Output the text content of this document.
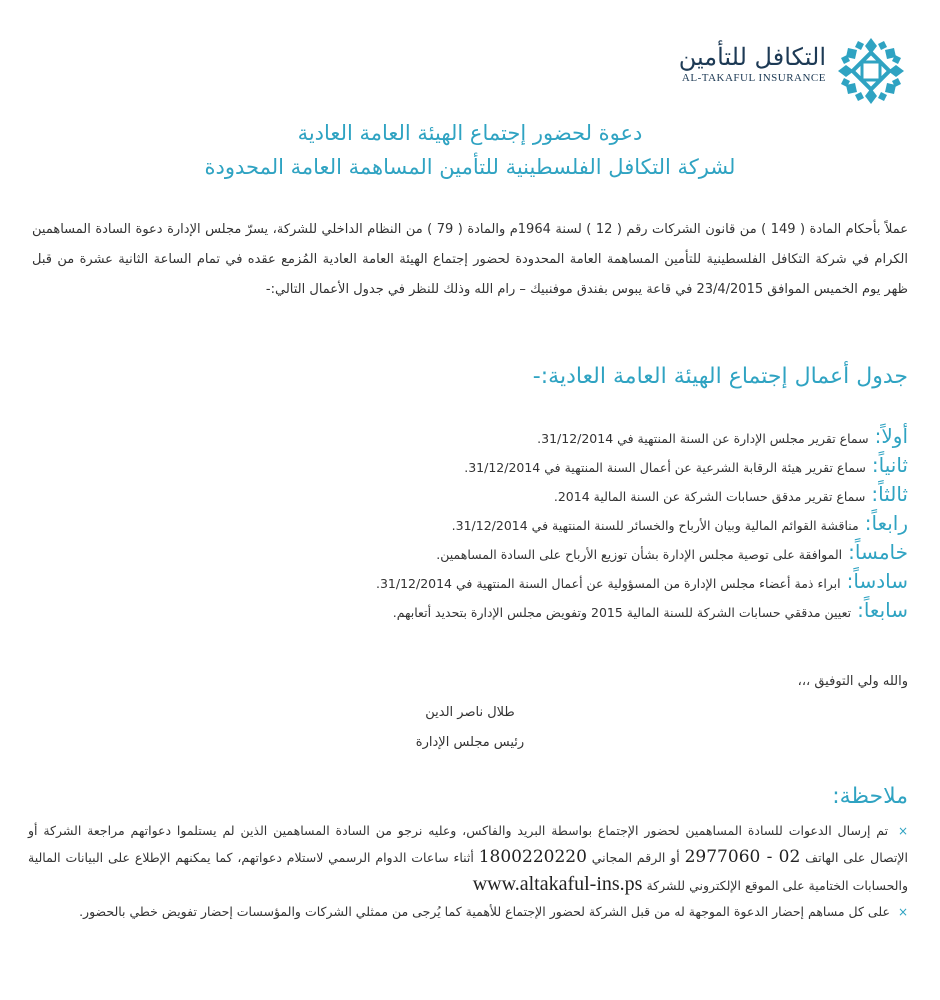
التكافل للتأمين
AL-TAKAFUL INSURANCE
دعوة لحضور إجتماع الهيئة العامة العادية
لشركة التكافل الفلسطينية للتأمين المساهمة العامة المحدودة
عملاً بأحكام المادة ( 149 ) من قانون الشركات رقم ( 12 ) لسنة 1964م والمادة ( 79 ) من النظام الداخلي للشركة، يسرّ مجلس الإدارة دعوة السادة المساهمين الكرام في شركة التكافل الفلسطينية للتأمين المساهمة العامة المحدودة لحضور إجتماع الهيئة العامة العادية المُزمع عقده في تمام الساعة الثانية عشرة من قبل ظهر يوم الخميس الموافق 23/4/2015 في قاعة يبوس بفندق موفنبيك – رام الله وذلك للنظر في جدول الأعمال التالي:-
جدول أعمال إجتماع الهيئة العامة العادية:-
أولاً:سماع تقرير مجلس الإدارة عن السنة المنتهية في 31/12/2014.
ثانياً:سماع تقرير هيئة الرقابة الشرعية عن أعمال السنة المنتهية في 31/12/2014.
ثالثاً:سماع تقرير مدقق حسابات الشركة عن السنة المالية 2014.
رابعاً:مناقشة القوائم المالية وبيان الأرباح والخسائر للسنة المنتهية في 31/12/2014.
خامساً:الموافقة على توصية مجلس الإدارة بشأن توزيع الأرباح على السادة المساهمين.
سادساً:ابراء ذمة أعضاء مجلس الإدارة من المسؤولية عن أعمال السنة المنتهية في 31/12/2014.
سابعاً:تعيين مدققي حسابات الشركة للسنة المالية 2015 وتفويض مجلس الإدارة بتحديد أتعابهم.
والله ولي التوفيق ،،،
طلال ناصر الدين
رئيس مجلس الإدارة
ملاحظة:
× تم إرسال الدعوات للسادة المساهمين لحضور الإجتماع بواسطة البريد والفاكس، وعليه نرجو من السادة المساهمين الذين لم يستلموا دعواتهم مراجعة الشركة أو الإتصال على الهاتف 02 - 2977060 أو الرقم المجاني 1800220220 أثناء ساعات الدوام الرسمي لاستلام دعواتهم، كما يمكنهم الإطلاع على البيانات المالية والحسابات الختامية على الموقع الإلكتروني للشركة www.altakaful-ins.ps
× على كل مساهم إحضار الدعوة الموجهة له من قبل الشركة لحضور الإجتماع للأهمية كما يُرجى من ممثلي الشركات والمؤسسات إحضار تفويض خطي بالحضور.
